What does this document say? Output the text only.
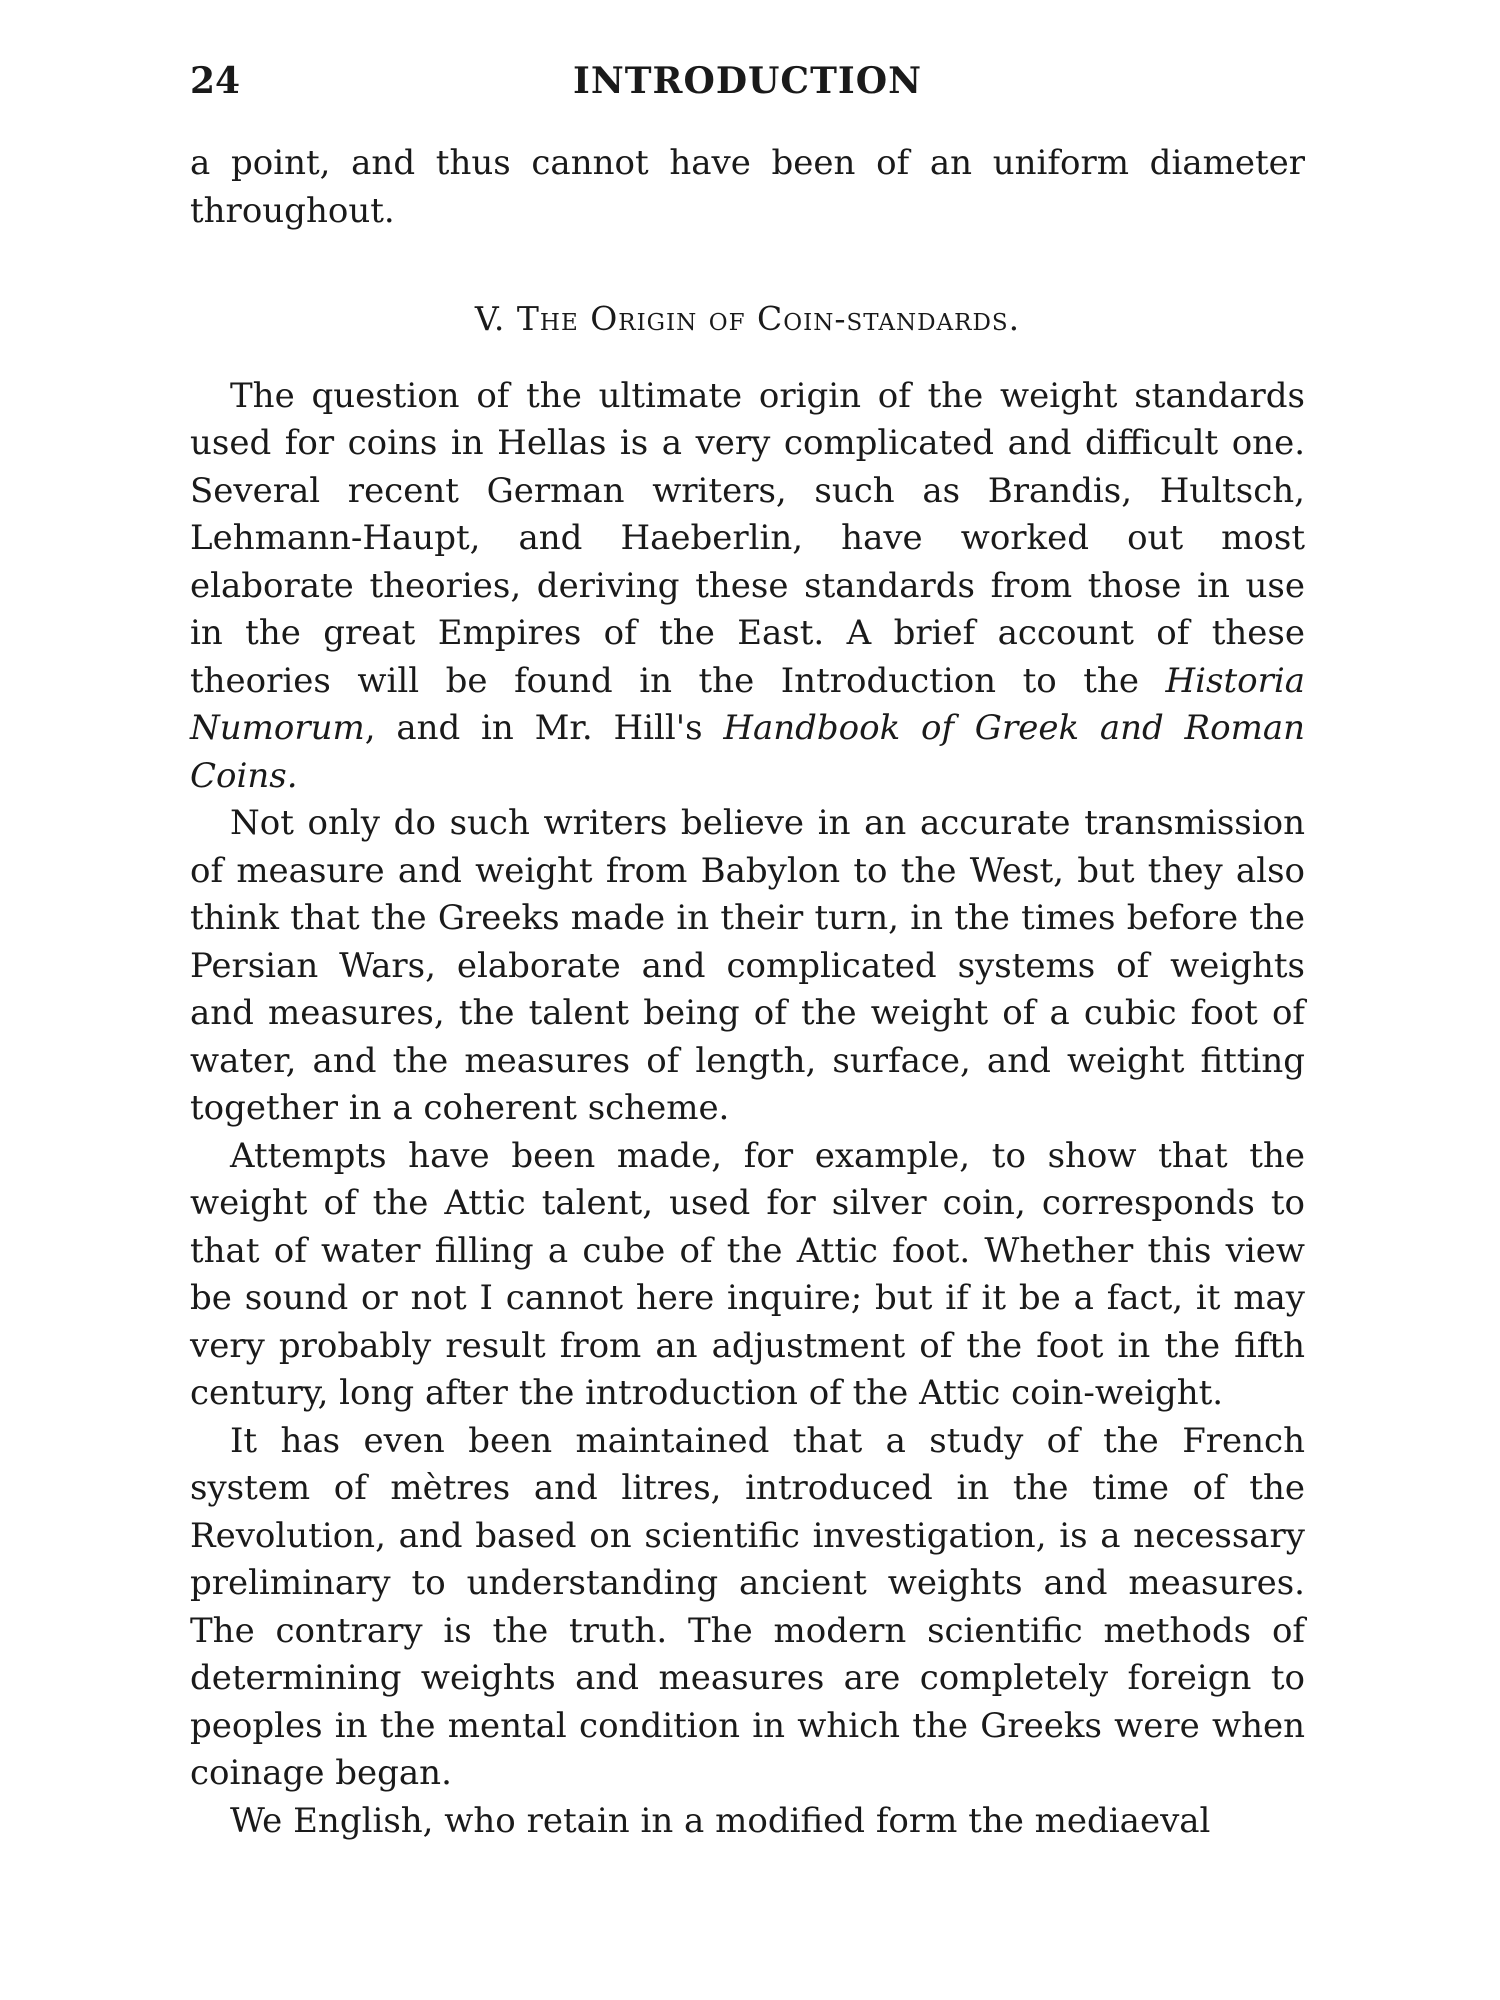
24	INTRODUCTION

a point, and thus cannot have been of an uniform diameter throughout.

V. The Origin of Coin-standards.

The question of the ultimate origin of the weight standards used for coins in Hellas is a very complicated and difficult one. Several recent German writers, such as Brandis, Hultsch, Lehmann-Haupt, and Haeberlin, have worked out most elaborate theories, deriving these standards from those in use in the great Empires of the East. A brief account of these theories will be found in the Introduction to the Historia Numorum, and in Mr. Hill's Handbook of Greek and Roman Coins.

Not only do such writers believe in an accurate transmission of measure and weight from Babylon to the West, but they also think that the Greeks made in their turn, in the times before the Persian Wars, elaborate and complicated systems of weights and measures, the talent being of the weight of a cubic foot of water, and the measures of length, surface, and weight fitting together in a coherent scheme.

Attempts have been made, for example, to show that the weight of the Attic talent, used for silver coin, corresponds to that of water filling a cube of the Attic foot. Whether this view be sound or not I cannot here inquire; but if it be a fact, it may very probably result from an adjustment of the foot in the fifth century, long after the introduction of the Attic coin-weight.

It has even been maintained that a study of the French system of mètres and litres, introduced in the time of the Revolution, and based on scientific investigation, is a necessary preliminary to understanding ancient weights and measures. The contrary is the truth. The modern scientific methods of determining weights and measures are completely foreign to peoples in the mental condition in which the Greeks were when coinage began.

We English, who retain in a modified form the mediaeval
